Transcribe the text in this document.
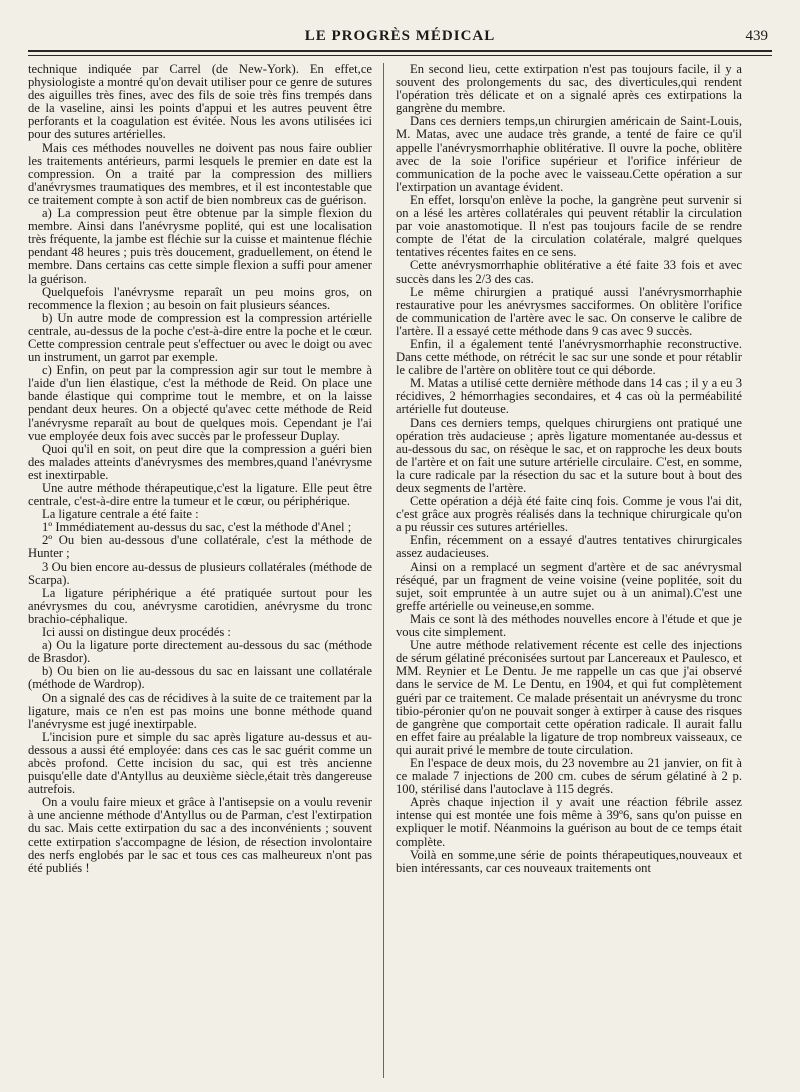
LE PROGRÈS MÉDICAL	439

technique indiquée par Carrel (de New-York). En effet,ce physiologiste a montré qu'on devait utiliser pour ce genre de sutures des aiguilles très fines, avec des fils de soie très fins trempés dans de la vaseline, ainsi les points d'appui et les autres peuvent être perforants et la coagulation est évitée. Nous les avons utilisées ici pour des sutures artérielles.

Mais ces méthodes nouvelles ne doivent pas nous faire oublier les traitements antérieurs, parmi lesquels le premier en date est la compression. On a traité par la compression des milliers d'anévrysmes traumatiques des membres, et il est incontestable que ce traitement compte à son actif de bien nombreux cas de guérison.

a) La compression peut être obtenue par la simple flexion du membre. Ainsi dans l'anévrysme poplité, qui est une localisation très fréquente, la jambe est fléchie sur la cuisse et maintenue fléchie pendant 48 heures ; puis très doucement, graduellement, on étend le membre. Dans certains cas cette simple flexion a suffi pour amener la guérison.

Quelquefois l'anévrysme reparaît un peu moins gros, on recommence la flexion ; au besoin on fait plusieurs séances.

b) Un autre mode de compression est la compression artérielle centrale, au-dessus de la poche c'est-à-dire entre la poche et le cœur. Cette compression centrale peut s'effectuer ou avec le doigt ou avec un instrument, un garrot par exemple.

c) Enfin, on peut par la compression agir sur tout le membre à l'aide d'un lien élastique, c'est la méthode de Reid. On place une bande élastique qui comprime tout le membre, et on la laisse pendant deux heures. On a objecté qu'avec cette méthode de Reid l'anévrysme reparaît au bout de quelques mois. Cependant je l'ai vue employée deux fois avec succès par le professeur Duplay.

Quoi qu'il en soit, on peut dire que la compression a guéri bien des malades atteints d'anévrysmes des membres,quand l'anévrysme est inextirpable.

Une autre méthode thérapeutique,c'est la ligature. Elle peut être centrale, c'est-à-dire entre la tumeur et le cœur, ou périphérique.

La ligature centrale a été faite :

1º Immédiatement au-dessus du sac, c'est la méthode d'Anel ;

2º Ou bien au-dessous d'une collatérale, c'est la méthode de Hunter ;

3 Ou bien encore au-dessus de plusieurs collatérales (méthode de Scarpa).

La ligature périphérique a été pratiquée surtout pour les anévrysmes du cou, anévrysme carotidien, anévrysme du tronc brachio-céphalique.

Ici aussi on distingue deux procédés :

a) Ou la ligature porte directement au-dessous du sac (méthode de Brasdor).

b) Ou bien on lie au-dessous du sac en laissant une collatérale (méthode de Wardrop).

On a signalé des cas de récidives à la suite de ce traitement par la ligature, mais ce n'en est pas moins une bonne méthode quand l'anévrysme est jugé inextirpable.

L'incision pure et simple du sac après ligature au-dessus et au-dessous a aussi été employée: dans ces cas le sac guérit comme un abcès profond. Cette incision du sac, qui est très ancienne puisqu'elle date d'Antyllus au deuxième siècle,était très dangereuse autrefois.

On a voulu faire mieux et grâce à l'antisepsie on a voulu revenir à une ancienne méthode d'Antyllus ou de Parman, c'est l'extirpation du sac. Mais cette extirpation du sac a des inconvénients ; souvent cette extirpation s'accompagne de lésion, de résection involontaire des nerfs englobés par le sac et tous ces cas malheureux n'ont pas été publiés !

En second lieu, cette extirpation n'est pas toujours facile, il y a souvent des prolongements du sac, des diverticules,qui rendent l'opération très délicate et on a signalé après ces extirpations la gangrène du membre.

Dans ces derniers temps,un chirurgien américain de Saint-Louis, M. Matas, avec une audace très grande, a tenté de faire ce qu'il appelle l'anévrysmorrhaphie oblitérative. Il ouvre la poche, oblitère avec de la soie l'orifice supérieur et l'orifice inférieur de communication de la poche avec le vaisseau.Cette opération a sur l'extirpation un avantage évident.

En effet, lorsqu'on enlève la poche, la gangrène peut survenir si on a lésé les artères collatérales qui peuvent rétablir la circulation par voie anastomotique. Il n'est pas toujours facile de se rendre compte de l'état de la circulation colatérale, malgré quelques tentatives récentes faites en ce sens.

Cette anévrysmorrhaphie oblitérative a été faite 33 fois et avec succès dans les 2/3 des cas.

Le même chirurgien a pratiqué aussi l'anévrysmorrhaphie restaurative pour les anévrysmes sacciformes. On oblitère l'orifice de communication de l'artère avec le sac. On conserve le calibre de l'artère. Il a essayé cette méthode dans 9 cas avec 9 succès.

Enfin, il a également tenté l'anévrysmorrhaphie reconstructive. Dans cette méthode, on rétrécit le sac sur une sonde et pour rétablir le calibre de l'artère on oblitère tout ce qui déborde.

M. Matas a utilisé cette dernière méthode dans 14 cas ; il y a eu 3 récidives, 2 hémorrhagies secondaires, et 4 cas où la perméabilité artérielle fut douteuse.

Dans ces derniers temps, quelques chirurgiens ont pratiqué une opération très audacieuse ; après ligature momentanée au-dessus et au-dessous du sac, on résèque le sac, et on rapproche les deux bouts de l'artère et on fait une suture artérielle circulaire. C'est, en somme, la cure radicale par la résection du sac et la suture bout à bout des deux segments de l'artère.

Cette opération a déjà été faite cinq fois. Comme je vous l'ai dit, c'est grâce aux progrès réalisés dans la technique chirurgicale qu'on a pu réussir ces sutures artérielles.

Enfin, récemment on a essayé d'autres tentatives chirurgicales assez audacieuses.

Ainsi on a remplacé un segment d'artère et de sac anévrysmal réséqué, par un fragment de veine voisine (veine poplitée, soit du sujet, soit empruntée à un autre sujet ou à un animal).C'est une greffe artérielle ou veineuse,en somme.

Mais ce sont là des méthodes nouvelles encore à l'étude et que je vous cite simplement.

Une autre méthode relativement récente est celle des injections de sérum gélatiné préconisées surtout par Lancereaux et Paulesco, et MM. Reynier et Le Dentu. Je me rappelle un cas que j'ai observé dans le service de M. Le Dentu, en 1904, et qui fut complètement guéri par ce traitement. Ce malade présentait un anévrysme du tronc tibio-péronier qu'on ne pouvait songer à extirper à cause des risques de gangrène que comportait cette opération radicale. Il aurait fallu en effet faire au préalable la ligature de trop nombreux vaisseaux, ce qui aurait privé le membre de toute circulation.

En l'espace de deux mois, du 23 novembre au 21 janvier, on fit à ce malade 7 injections de 200 cm. cubes de sérum gélatiné à 2 p. 100, stérilisé dans l'autoclave à 115 degrés.

Après chaque injection il y avait une réaction fébrile assez intense qui est montée une fois même à 39º6, sans qu'on puisse en expliquer le motif. Néanmoins la guérison au bout de ce temps était complète.

Voilà en somme,une série de points thérapeutiques,nouveaux et bien intéressants, car ces nouveaux traitements ont
